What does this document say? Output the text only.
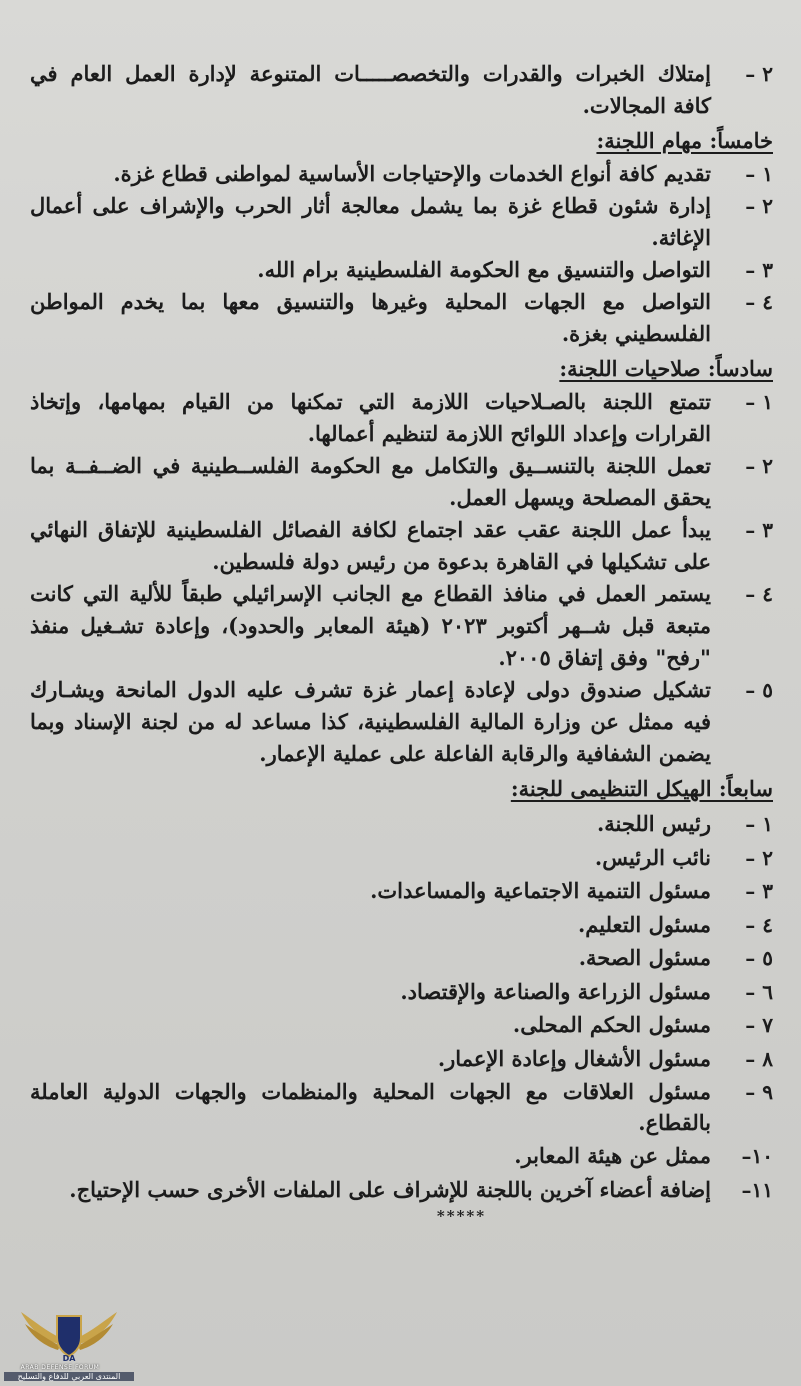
٢ –
إمتلاك الخبرات والقدرات والتخصصـــــات المتنوعة لإدارة العمل العام في كافة المجالات.
خامساً: مهام اللجنة:
١ –
تقديم كافة أنواع الخدمات والإحتياجات الأساسية لمواطنى قطاع غزة.
٢ –
إدارة شئون قطاع غزة بما يشمل معالجة أثار الحرب والإشراف على أعمال الإغاثة.
٣ –
التواصل والتنسيق مع الحكومة الفلسطينية برام الله.
٤ –
التواصل مع الجهات المحلية وغيرها والتنسيق معها بما يخدم المواطن الفلسطيني بغزة.
سادساً: صلاحيات اللجنة:
١ –
تتمتع اللجنة بالصـلاحيات اللازمة التي تمكنها من القيام بمهامها، وإتخاذ القرارات وإعداد اللوائح اللازمة لتنظيم أعمالها.
٢ –
تعمل اللجنة بالتنســيق والتكامل مع الحكومة الفلســطينية في الضــفــة بما يحقق المصلحة ويسهل العمل.
٣ –
يبدأ عمل اللجنة عقب عقد اجتماع لكافة الفصائل الفلسطينية للإتفاق النهائي على تشكيلها في القاهرة بدعوة من رئيس دولة فلسطين.
٤ –
يستمر العمل في منافذ القطاع مع الجانب الإسرائيلي طبقاً للألية التي كانت متبعة قبل شــهر أكتوبر ٢٠٢٣ (هيئة المعابر والحدود)، وإعادة تشـغيل منفذ "رفح" وفق إتفاق ٢٠٠٥.
٥ –
تشكيل صندوق دولى لإعادة إعمار غزة تشرف عليه الدول المانحة ويشـارك فيه ممثل عن وزارة المالية الفلسطينية، كذا مساعد له من لجنة الإسناد وبما يضمن الشفافية والرقابة الفاعلة على عملية الإعمار.
سابعاً: الهيكل التنظيمى للجنة:
١ –
رئيس اللجنة.
٢ –
نائب الرئيس.
٣ –
مسئول التنمية الاجتماعية والمساعدات.
٤ –
مسئول التعليم.
٥ –
مسئول الصحة.
٦ –
مسئول الزراعة والصناعة والإقتصاد.
٧ –
مسئول الحكم المحلى.
٨ –
مسئول الأشغال وإعادة الإعمار.
٩ –
مسئول العلاقات مع الجهات المحلية والمنظمات والجهات الدولية العاملة بالقطاع.
١٠–
ممثل عن هيئة المعابر.
١١–
إضافة أعضاء آخرين باللجنة للإشراف على الملفات الأخرى حسب الإحتياج.
*****
DA
ARAB DEFENSE FORUM
المنتدى العربي للدفاع والتسليح
